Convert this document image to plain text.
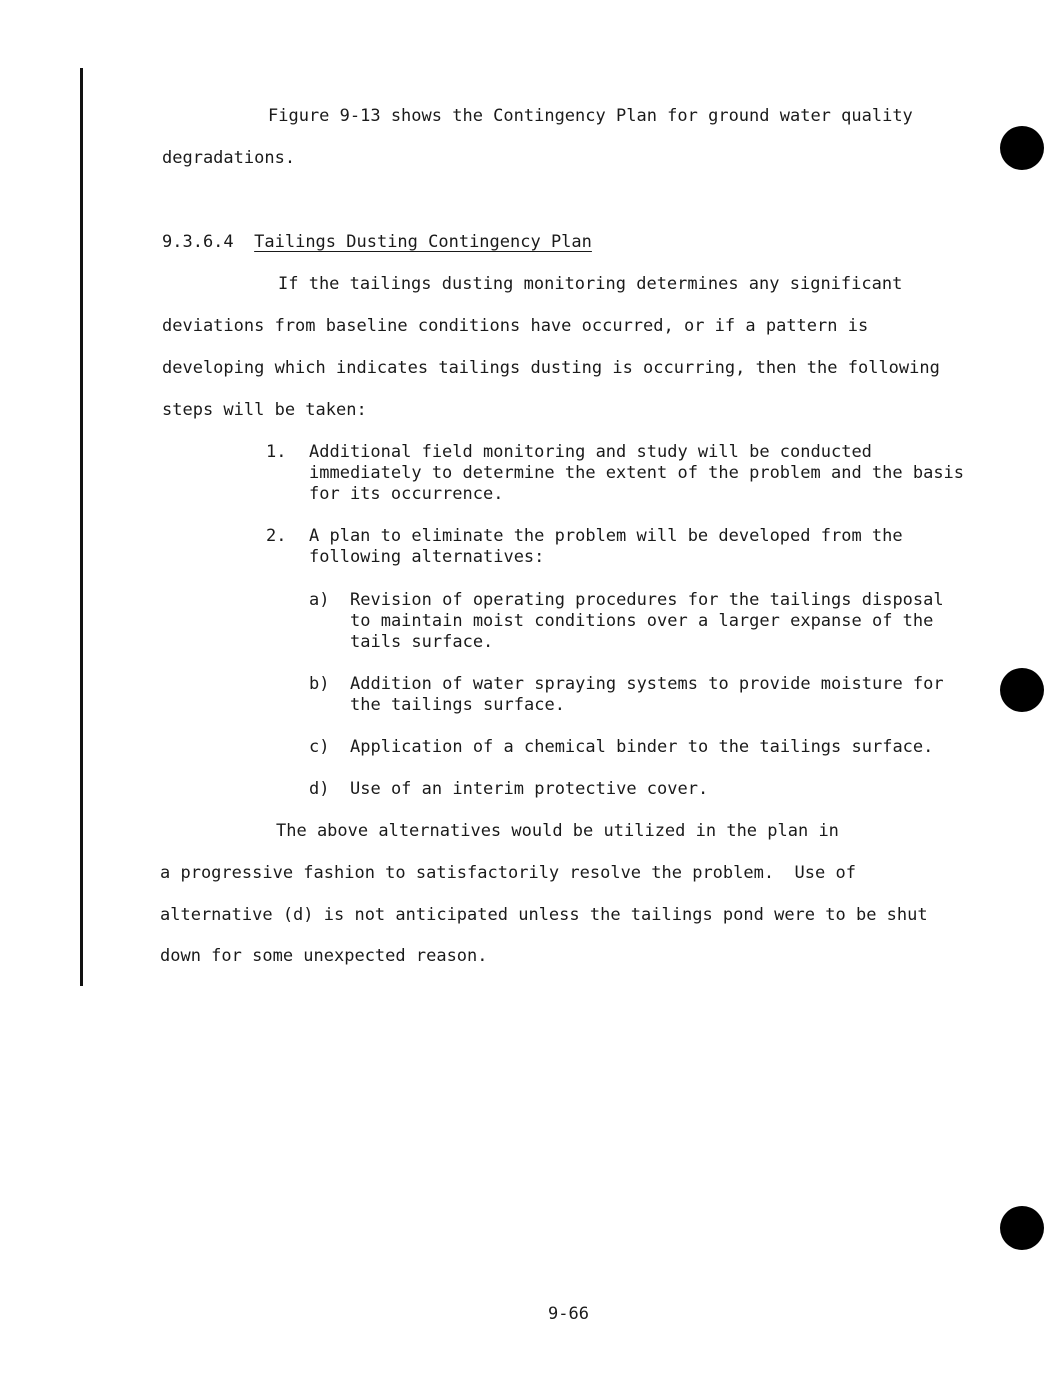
Figure 9-13 shows the Contingency Plan for ground water quality
degradations.
9.3.6.4 Tailings Dusting Contingency Plan
If the tailings dusting monitoring determines any significant
deviations from baseline conditions have occurred, or if a pattern is
developing which indicates tailings dusting is occurring, then the following
steps will be taken:
1. Additional field monitoring and study will be conducted
immediately to determine the extent of the problem and the basis
for its occurrence.
2. A plan to eliminate the problem will be developed from the
following alternatives:
a) Revision of operating procedures for the tailings disposal
to maintain moist conditions over a larger expanse of the
tails surface.
b) Addition of water spraying systems to provide moisture for
the tailings surface.
c) Application of a chemical binder to the tailings surface.
d) Use of an interim protective cover.
The above alternatives would be utilized in the plan in
a progressive fashion to satisfactorily resolve the problem.  Use of
alternative (d) is not anticipated unless the tailings pond were to be shut
down for some unexpected reason.
9-66
